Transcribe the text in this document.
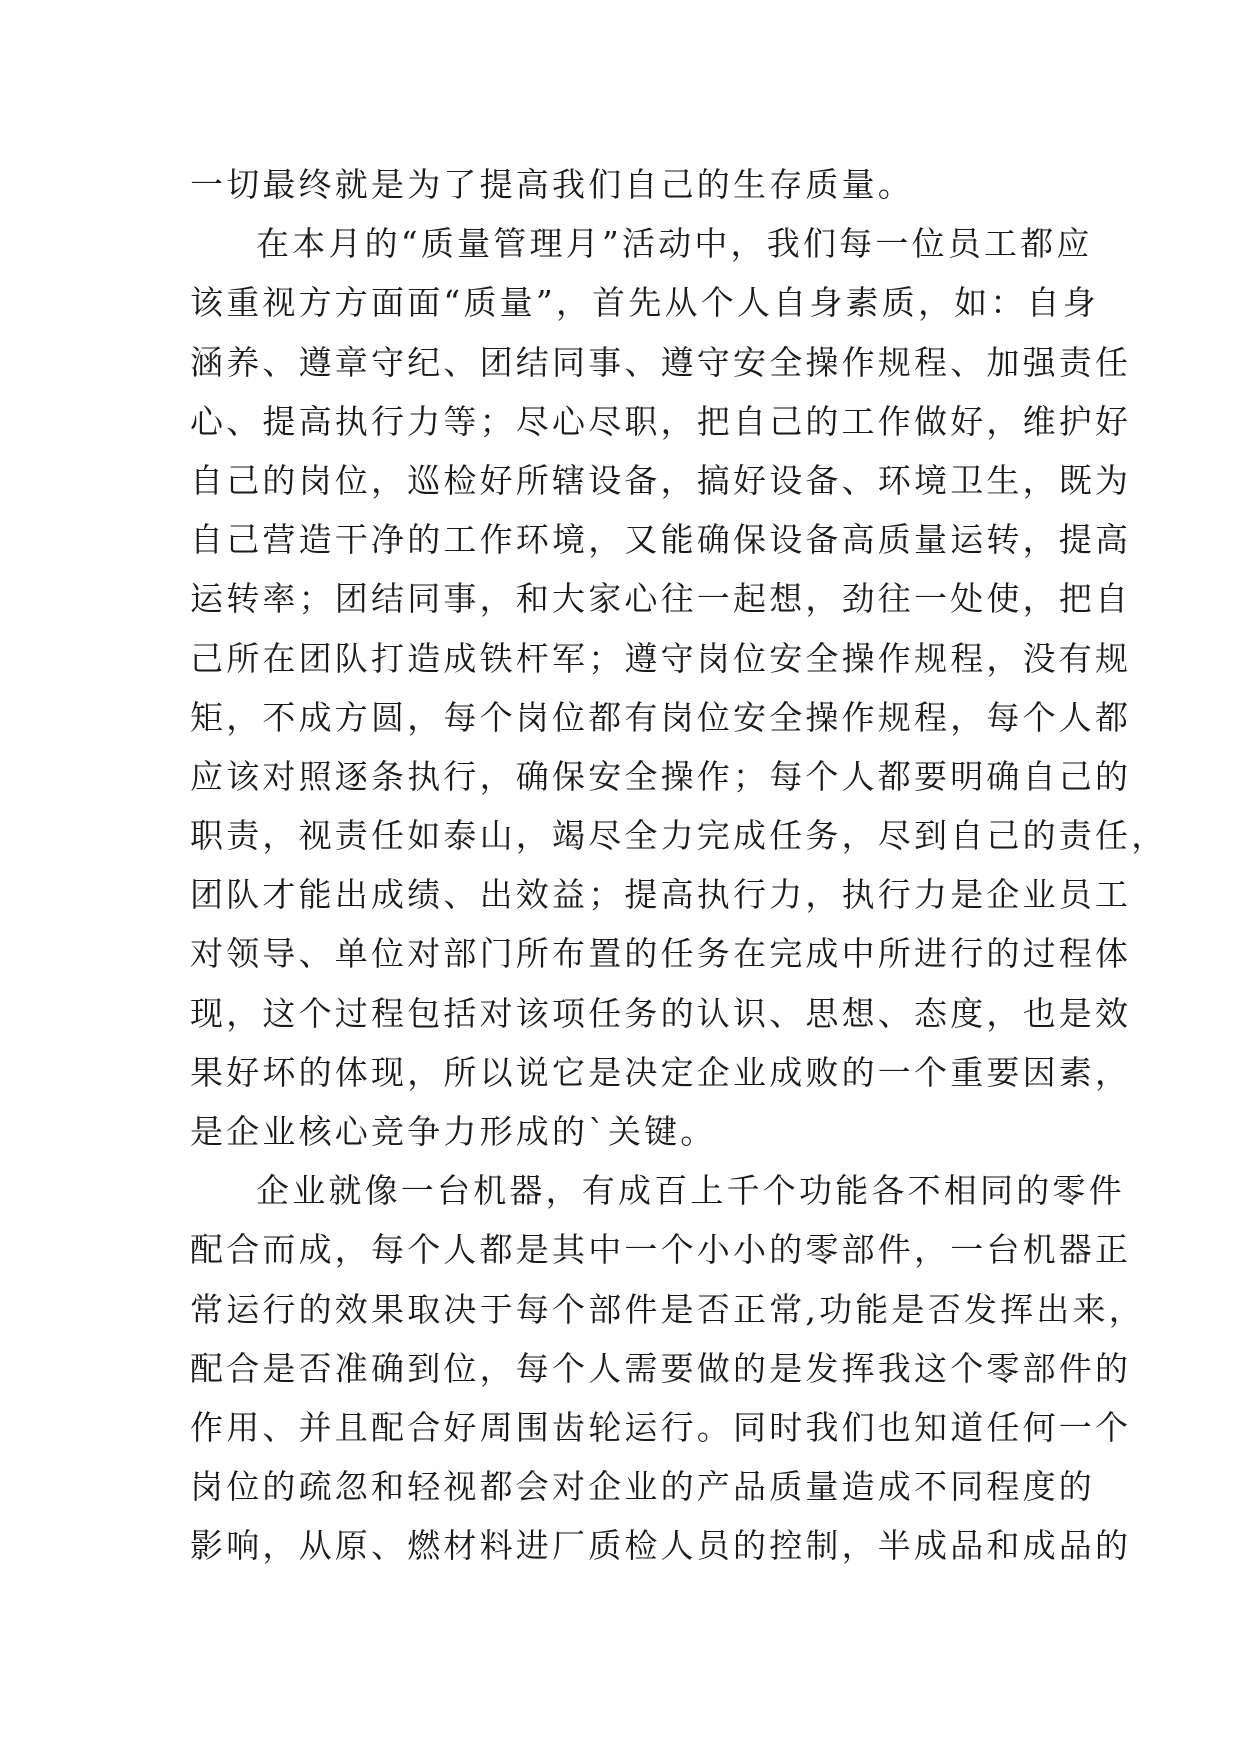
一切最终就是为了提高我们自己的生存质量。
在本月的“质量管理月”活动中，我们每一位员工都应
该重视方方面面“质量”，首先从个人自身素质，如：自身
涵养、遵章守纪、团结同事、遵守安全操作规程、加强责任
心、提高执行力等；尽心尽职，把自己的工作做好，维护好
自己的岗位，巡检好所辖设备，搞好设备、环境卫生，既为
自己营造干净的工作环境，又能确保设备高质量运转，提高
运转率；团结同事，和大家心往一起想，劲往一处使，把自
己所在团队打造成铁杆军；遵守岗位安全操作规程，没有规
矩，不成方圆，每个岗位都有岗位安全操作规程，每个人都
应该对照逐条执行，确保安全操作；每个人都要明确自己的
职责，视责任如泰山，竭尽全力完成任务，尽到自己的责任，
团队才能出成绩、出效益；提高执行力，执行力是企业员工
对领导、单位对部门所布置的任务在完成中所进行的过程体
现，这个过程包括对该项任务的认识、思想、态度，也是效
果好坏的体现，所以说它是决定企业成败的一个重要因素，
是企业核心竞争力形成的`关键。
企业就像一台机器，有成百上千个功能各不相同的零件
配合而成，每个人都是其中一个小小的零部件，一台机器正
常运行的效果取决于每个部件是否正常,功能是否发挥出来，
配合是否准确到位，每个人需要做的是发挥我这个零部件的
作用、并且配合好周围齿轮运行。同时我们也知道任何一个
岗位的疏忽和轻视都会对企业的产品质量造成不同程度的
影响，从原、燃材料进厂质检人员的控制，半成品和成品的
